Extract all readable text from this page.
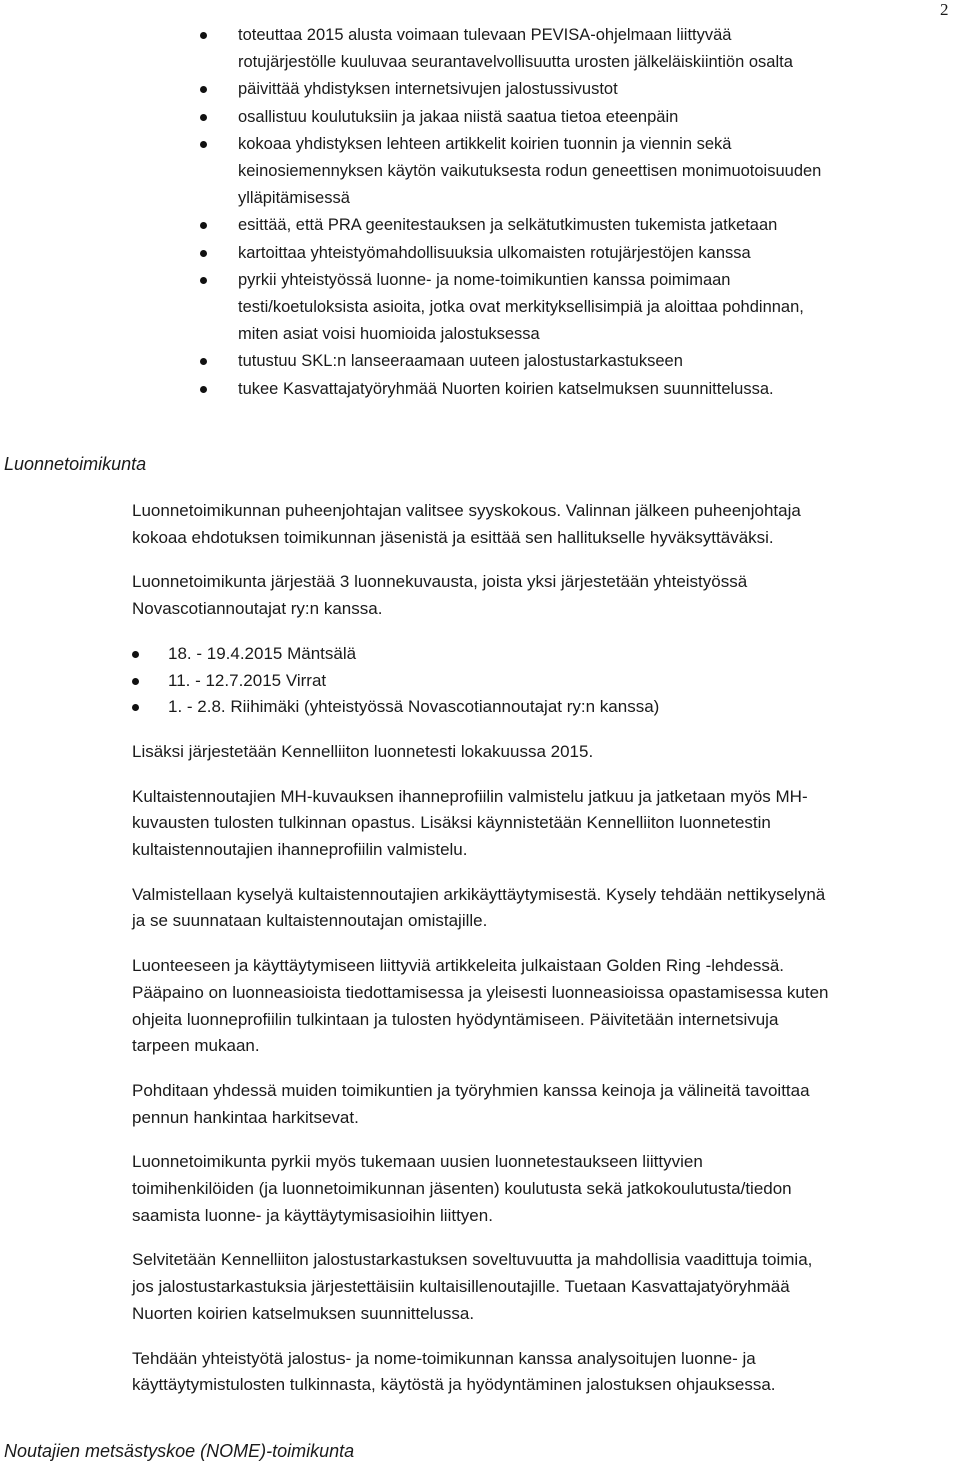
2
toteuttaa 2015 alusta voimaan tulevaan PEVISA-ohjelmaan liittyvää
rotujärjestölle kuuluvaa seurantavelvollisuutta urosten jälkeläiskiintiön osalta
päivittää yhdistyksen internetsivujen jalostussivustot
osallistuu koulutuksiin ja jakaa niistä saatua tietoa eteenpäin
kokoaa yhdistyksen lehteen artikkelit koirien tuonnin ja viennin sekä
keinosiemennyksen käytön vaikutuksesta rodun geneettisen monimuotoisuuden
ylläpitämisessä
esittää, että PRA geenitestauksen ja selkätutkimusten tukemista jatketaan
kartoittaa yhteistyömahdollisuuksia ulkomaisten rotujärjestöjen kanssa
pyrkii yhteistyössä luonne- ja nome-toimikuntien kanssa poimimaan
testi/koetuloksista asioita, jotka ovat merkityksellisimpiä ja aloittaa pohdinnan,
miten asiat voisi huomioida jalostuksessa
tutustuu SKL:n lanseeraamaan uuteen jalostustarkastukseen
tukee Kasvattajatyöryhmää Nuorten koirien katselmuksen suunnittelussa.
Luonnetoimikunta
Luonnetoimikunnan puheenjohtajan valitsee syyskokous. Valinnan jälkeen puheenjohtaja
kokoaa ehdotuksen toimikunnan jäsenistä ja esittää sen hallitukselle hyväksyttäväksi.
Luonnetoimikunta järjestää 3 luonnekuvausta, joista yksi järjestetään yhteistyössä
Novascotiannoutajat ry:n kanssa.
18. - 19.4.2015 Mäntsälä
11. - 12.7.2015 Virrat
1. - 2.8. Riihimäki (yhteistyössä Novascotiannoutajat ry:n kanssa)
Lisäksi järjestetään Kennelliiton luonnetesti lokakuussa 2015.
Kultaistennoutajien MH-kuvauksen ihanneprofiilin valmistelu jatkuu ja jatketaan myös MH-
kuvausten tulosten tulkinnan opastus. Lisäksi käynnistetään Kennelliiton luonnetestin
kultaistennoutajien ihanneprofiilin valmistelu.
Valmistellaan kyselyä kultaistennoutajien arkikäyttäytymisestä. Kysely tehdään nettikyselynä
ja se suunnataan kultaistennoutajan omistajille.
Luonteeseen ja käyttäytymiseen liittyviä artikkeleita julkaistaan Golden Ring -lehdessä.
Pääpaino on luonneasioista tiedottamisessa ja yleisesti luonneasioissa opastamisessa kuten
ohjeita luonneprofiilin tulkintaan ja tulosten hyödyntämiseen. Päivitetään internetsivuja
tarpeen mukaan.
Pohditaan yhdessä muiden toimikuntien ja työryhmien kanssa keinoja ja välineitä tavoittaa
pennun hankintaa harkitsevat.
Luonnetoimikunta pyrkii myös tukemaan uusien luonnetestaukseen liittyvien
toimihenkilöiden (ja luonnetoimikunnan jäsenten) koulutusta sekä jatkokoulutusta/tiedon
saamista luonne- ja käyttäytymisasioihin liittyen.
Selvitetään Kennelliiton jalostustarkastuksen soveltuvuutta ja mahdollisia vaadittuja toimia,
jos jalostustarkastuksia järjestettäisiin kultaisillenoutajille. Tuetaan Kasvattajatyöryhmää
Nuorten koirien katselmuksen suunnittelussa.
Tehdään yhteistyötä jalostus- ja nome-toimikunnan kanssa analysoitujen luonne- ja
käyttäytymistulosten tulkinnasta, käytöstä ja hyödyntäminen jalostuksen ohjauksessa.
Noutajien metsästyskoe (NOME)-toimikunta
